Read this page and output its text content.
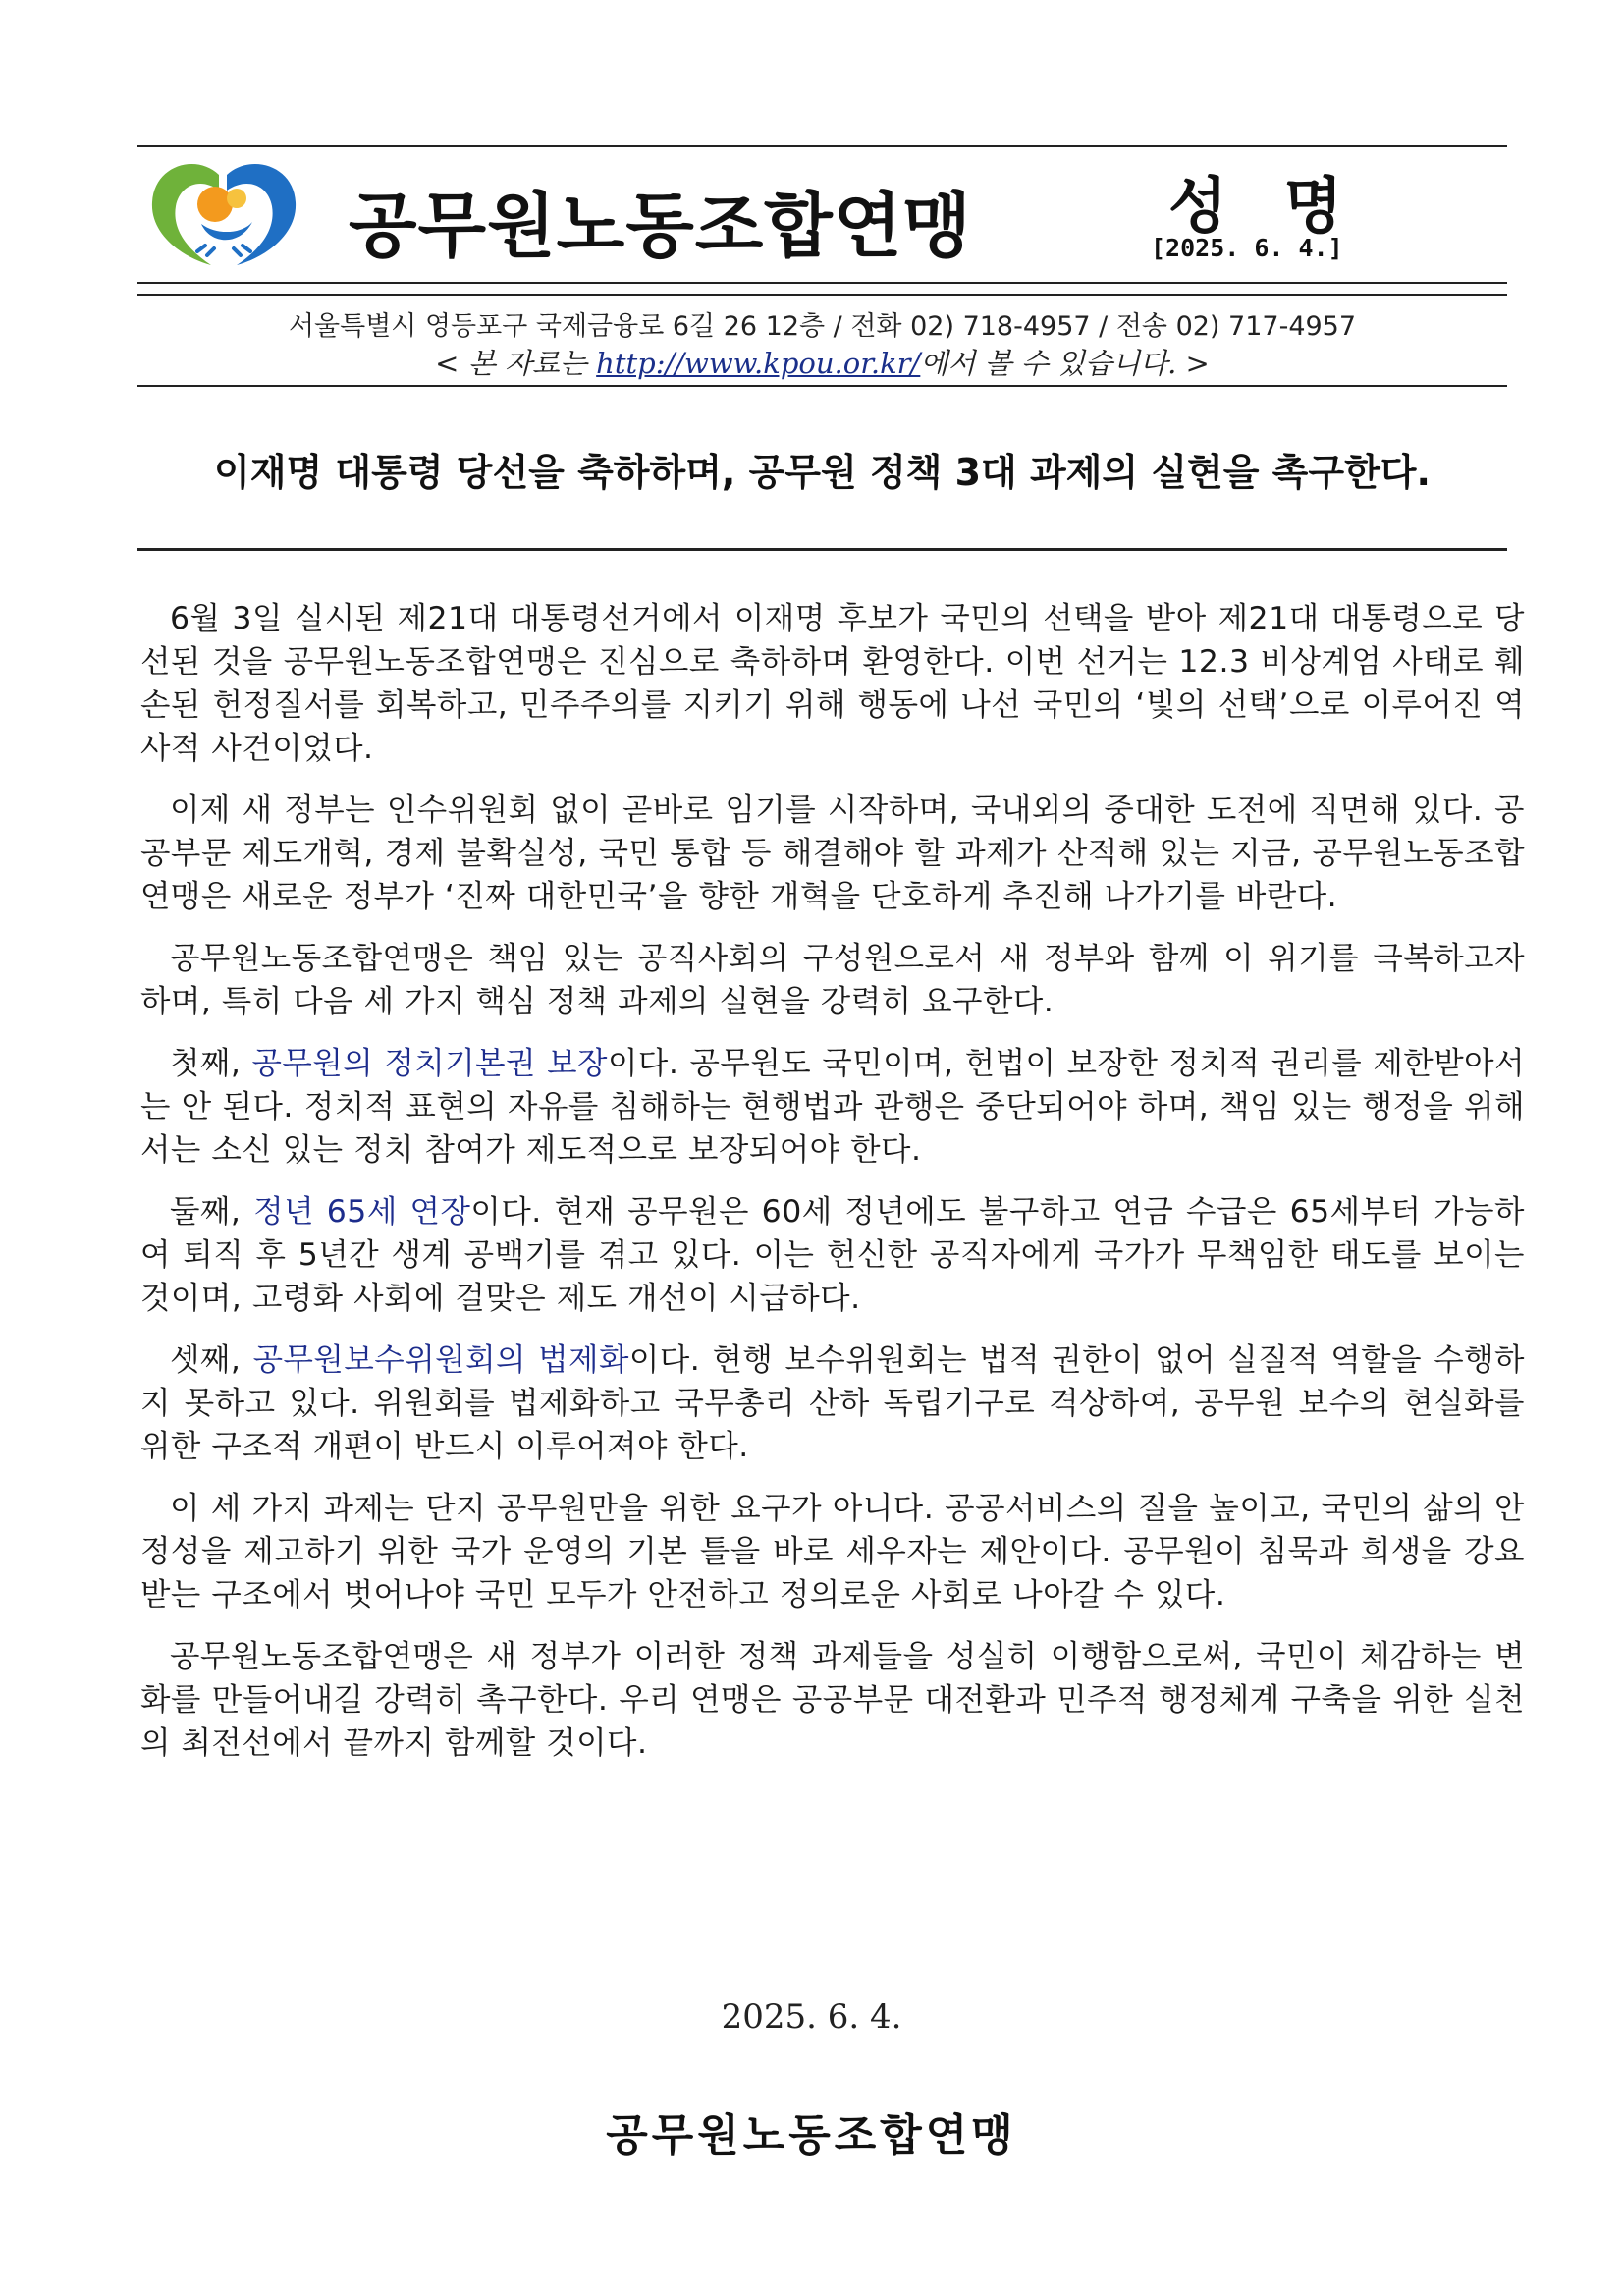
공무원노동조합연맹	성 명
[2025. 6. 4.]
서울특별시 영등포구 국제금융로 6길 26 12층 / 전화 02) 718-4957 / 전송 02) 717-4957
< 본 자료는 http://www.kpou.or.kr/에서 볼 수 있습니다. >
이재명 대통령 당선을 축하하며, 공무원 정책 3대 과제의 실현을 촉구한다.

6월 3일 실시된 제21대 대통령선거에서 이재명 후보가 국민의 선택을 받아 제21대 대통령으로 당선된 것을 공무원노동조합연맹은 진심으로 축하하며 환영한다. 이번 선거는 12.3 비상계엄 사태로 훼손된 헌정질서를 회복하고, 민주주의를 지키기 위해 행동에 나선 국민의 ‘빛의 선택’으로 이루어진 역사적 사건이었다.

이제 새 정부는 인수위원회 없이 곧바로 임기를 시작하며, 국내외의 중대한 도전에 직면해 있다. 공공부문 제도개혁, 경제 불확실성, 국민 통합 등 해결해야 할 과제가 산적해 있는 지금, 공무원노동조합연맹은 새로운 정부가 ‘진짜 대한민국’을 향한 개혁을 단호하게 추진해 나가기를 바란다.

공무원노동조합연맹은 책임 있는 공직사회의 구성원으로서 새 정부와 함께 이 위기를 극복하고자 하며, 특히 다음 세 가지 핵심 정책 과제의 실현을 강력히 요구한다.

첫째, 공무원의 정치기본권 보장이다. 공무원도 국민이며, 헌법이 보장한 정치적 권리를 제한받아서는 안 된다. 정치적 표현의 자유를 침해하는 현행법과 관행은 중단되어야 하며, 책임 있는 행정을 위해서는 소신 있는 정치 참여가 제도적으로 보장되어야 한다.

둘째, 정년 65세 연장이다. 현재 공무원은 60세 정년에도 불구하고 연금 수급은 65세부터 가능하여 퇴직 후 5년간 생계 공백기를 겪고 있다. 이는 헌신한 공직자에게 국가가 무책임한 태도를 보이는 것이며, 고령화 사회에 걸맞은 제도 개선이 시급하다.

셋째, 공무원보수위원회의 법제화이다. 현행 보수위원회는 법적 권한이 없어 실질적 역할을 수행하지 못하고 있다. 위원회를 법제화하고 국무총리 산하 독립기구로 격상하여, 공무원 보수의 현실화를 위한 구조적 개편이 반드시 이루어져야 한다.

이 세 가지 과제는 단지 공무원만을 위한 요구가 아니다. 공공서비스의 질을 높이고, 국민의 삶의 안정성을 제고하기 위한 국가 운영의 기본 틀을 바로 세우자는 제안이다. 공무원이 침묵과 희생을 강요받는 구조에서 벗어나야 국민 모두가 안전하고 정의로운 사회로 나아갈 수 있다.

공무원노동조합연맹은 새 정부가 이러한 정책 과제들을 성실히 이행함으로써, 국민이 체감하는 변화를 만들어내길 강력히 촉구한다. 우리 연맹은 공공부문 대전환과 민주적 행정체계 구축을 위한 실천의 최전선에서 끝까지 함께할 것이다.

2025. 6. 4.
공무원노동조합연맹
